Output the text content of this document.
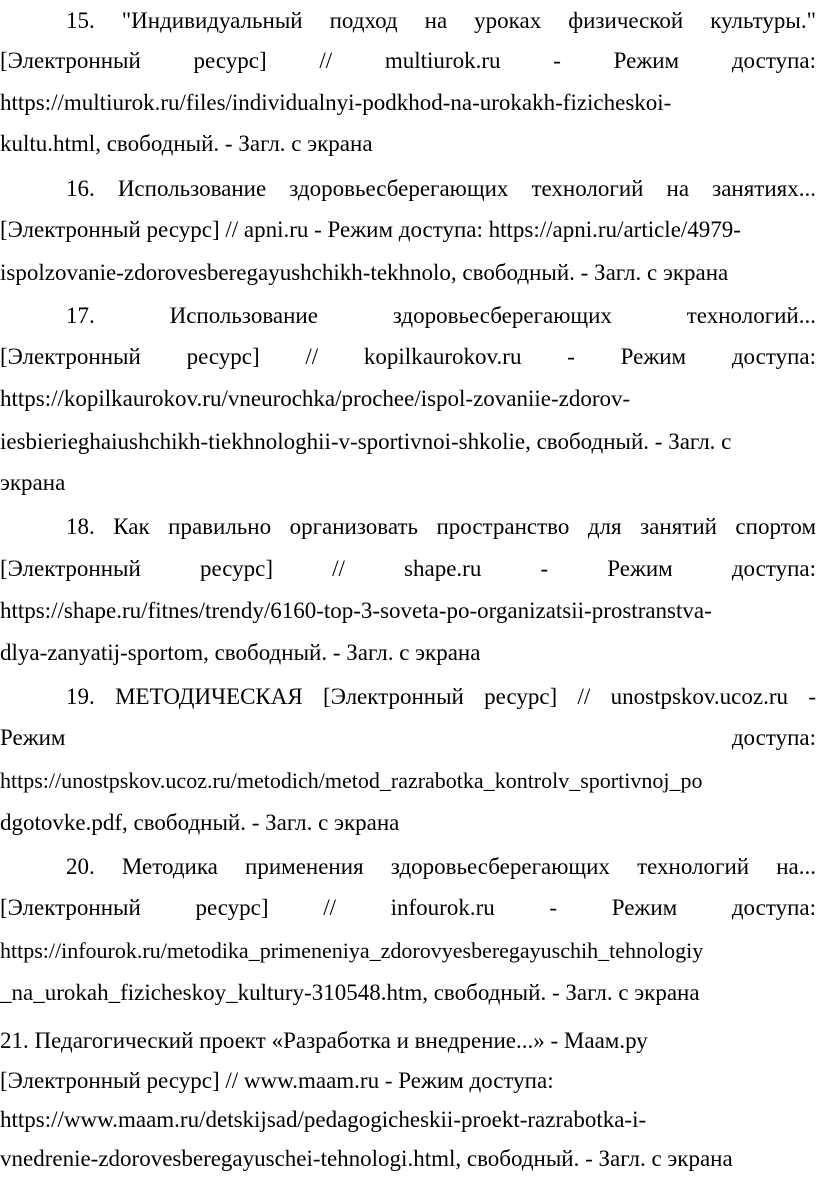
15. "Индивидуальный подход на уроках физической культуры."
[Электронный ресурс] // multiurok.ru - Режим доступа:
https://multiurok.ru/files/individualnyi-podkhod-na-urokakh-fizicheskoi-
kultu.html, свободный. - Загл. с экрана
16. Использование здоровьесберегающих технологий на занятиях...
[Электронный ресурс] // apni.ru - Режим доступа: https://apni.ru/article/4979-
ispolzovanie-zdorovesberegayushchikh-tekhnolo, свободный. - Загл. с экрана
17. Использование здоровьесберегающих технологий...
[Электронный ресурс] // kopilkaurokov.ru - Режим доступа:
https://kopilkaurokov.ru/vneurochka/prochee/ispol-zovaniie-zdorov-
iesbierieghaiushchikh-tiekhnologhii-v-sportivnoi-shkolie, свободный. - Загл. с
экрана
18. Как правильно организовать пространство для занятий спортом
[Электронный ресурс] // shape.ru - Режим доступа:
https://shape.ru/fitnes/trendy/6160-top-3-soveta-po-organizatsii-prostranstva-
dlya-zanyatij-sportom, свободный. - Загл. с экрана
19. МЕТОДИЧЕСКАЯ [Электронный ресурс] // unostpskov.ucoz.ru -
Режим доступа:
https://unostpskov.ucoz.ru/metodich/metod_razrabotka_kontrolv_sportivnoj_po
dgotovke.pdf, свободный. - Загл. с экрана
20. Методика применения здоровьесберегающих технологий на...
[Электронный ресурс] // infourok.ru - Режим доступа:
https://infourok.ru/metodika_primeneniya_zdorovyesberegayuschih_tehnologiy
_na_urokah_fizicheskoy_kultury-310548.htm, свободный. - Загл. с экрана
21. Педагогический проект «Разработка и внедрение...» - Маам.ру
[Электронный ресурс] // www.maam.ru - Режим доступа:
https://www.maam.ru/detskijsad/pedagogicheskii-proekt-razrabotka-i-
vnedrenie-zdorovesberegayuschei-tehnologi.html, свободный. - Загл. с экрана
